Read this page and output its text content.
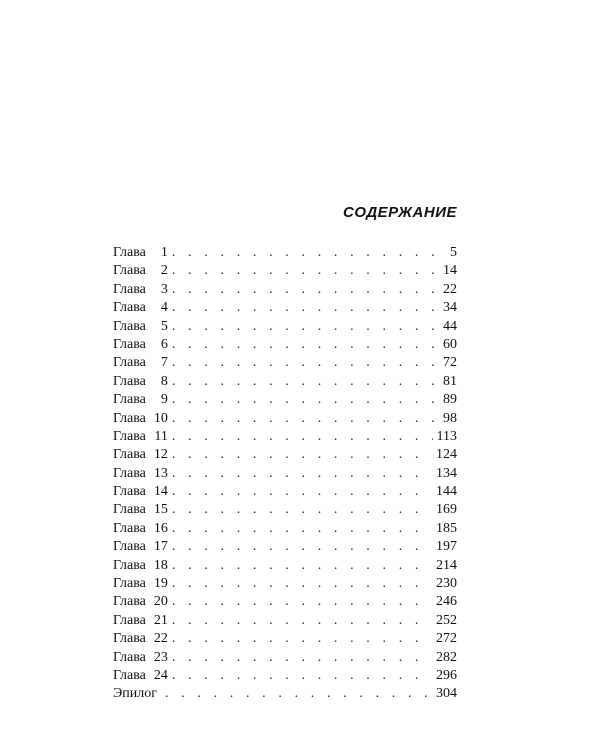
СОДЕРЖАНИЕ
Глава 1 . . .	5
Глава 2 . . .	14
Глава 3 . . .	22
Глава 4 . . .	34
Глава 5 . . .	44
Глава 6 . . .	60
Глава 7 . . .	72
Глава 8 . . .	81
Глава 9 . . .	89
Глава 10 . . .	98
Глава 11 . . .	113
Глава 12 . . .	124
Глава 13 . . .	134
Глава 14 . . .	144
Глава 15 . . .	169
Глава 16 . . .	185
Глава 17 . . .	197
Глава 18 . . .	214
Глава 19 . . .	230
Глава 20 . . .	246
Глава 21 . . .	252
Глава 22 . . .	272
Глава 23 . . .	282
Глава 24 . . .	296
Эпилог . . .	304
